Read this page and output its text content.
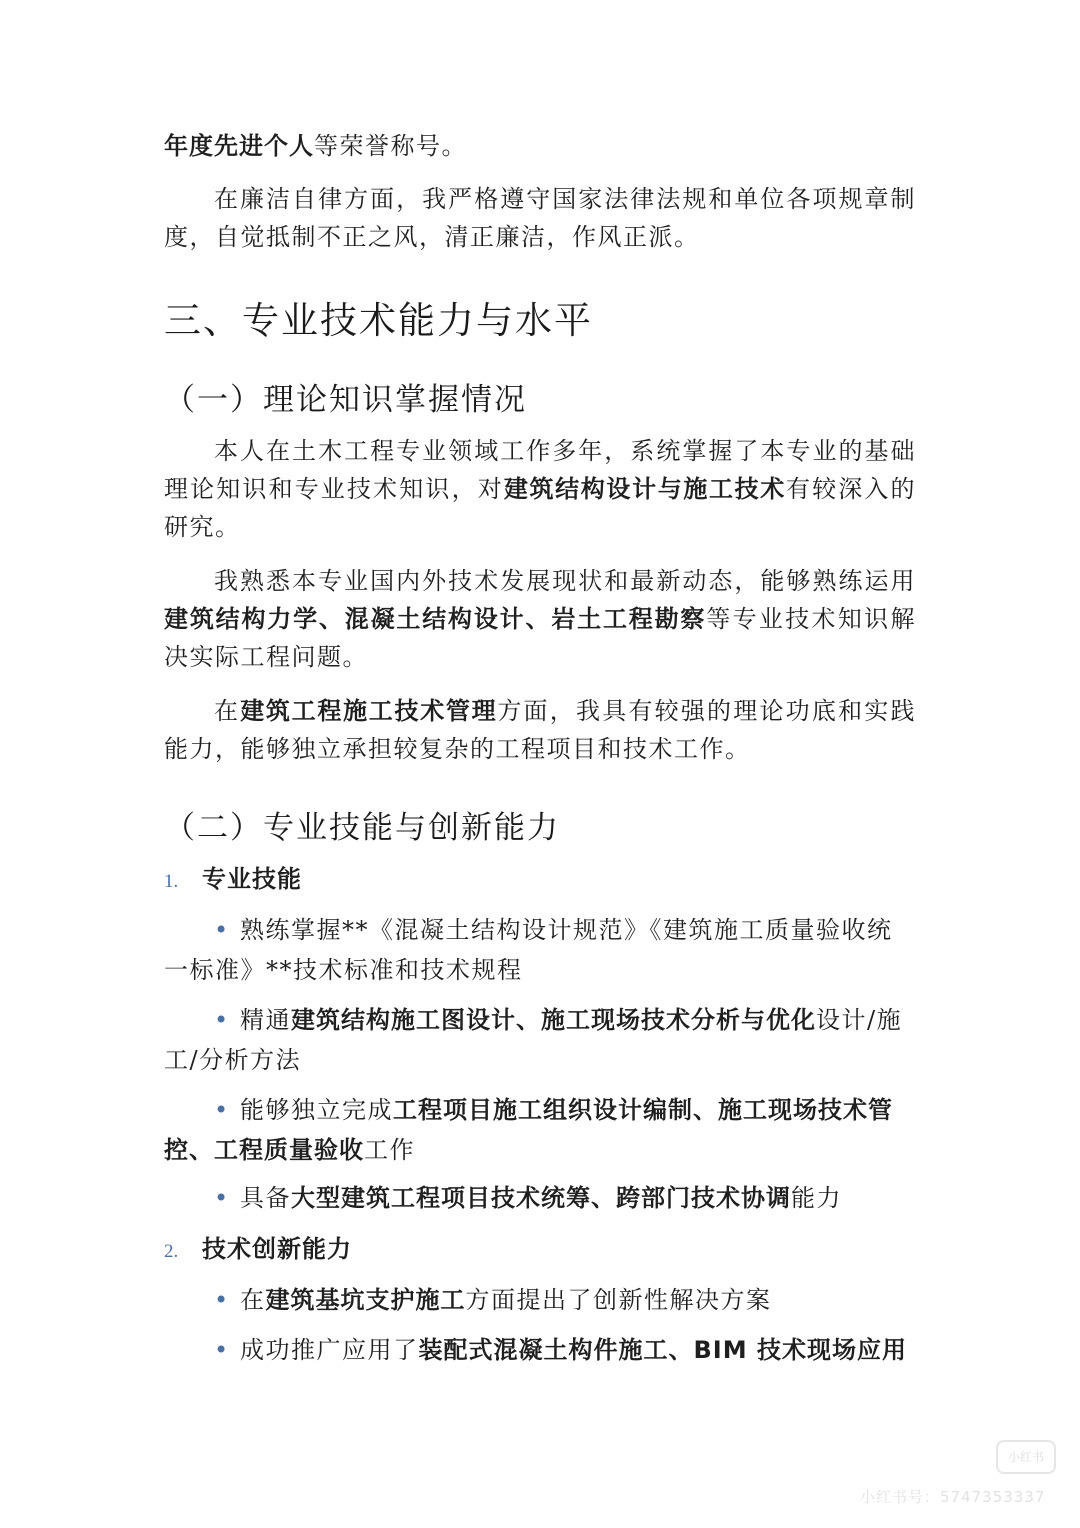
年度先进个人等荣誉称号。

在廉洁自律方面，我严格遵守国家法律法规和单位各项规章制度，自觉抵制不正之风，清正廉洁，作风正派。

三、专业技术能力与水平
（一）理论知识掌握情况

本人在土木工程专业领域工作多年，系统掌握了本专业的基础理论知识和专业技术知识，对建筑结构设计与施工技术有较深入的研究。

我熟悉本专业国内外技术发展现状和最新动态，能够熟练运用建筑结构力学、混凝土结构设计、岩土工程勘察等专业技术知识解决实际工程问题。

在建筑工程施工技术管理方面，我具有较强的理论功底和实践能力，能够独立承担较复杂的工程项目和技术工作。

（二）专业技能与创新能力
1. 专业技能

• 熟练掌握**《混凝土结构设计规范》《建筑施工质量验收统一标准》**技术标准和技术规程

• 精通建筑结构施工图设计、施工现场技术分析与优化设计/施工/分析方法

• 能够独立完成工程项目施工组织设计编制、施工现场技术管控、工程质量验收工作

• 具备大型建筑工程项目技术统筹、跨部门技术协调能力

2. 技术创新能力

• 在建筑基坑支护施工方面提出了创新性解决方案

• 成功推广应用了装配式混凝土构件施工、BIM 技术现场应用

小红书
小红书号：5747353337
